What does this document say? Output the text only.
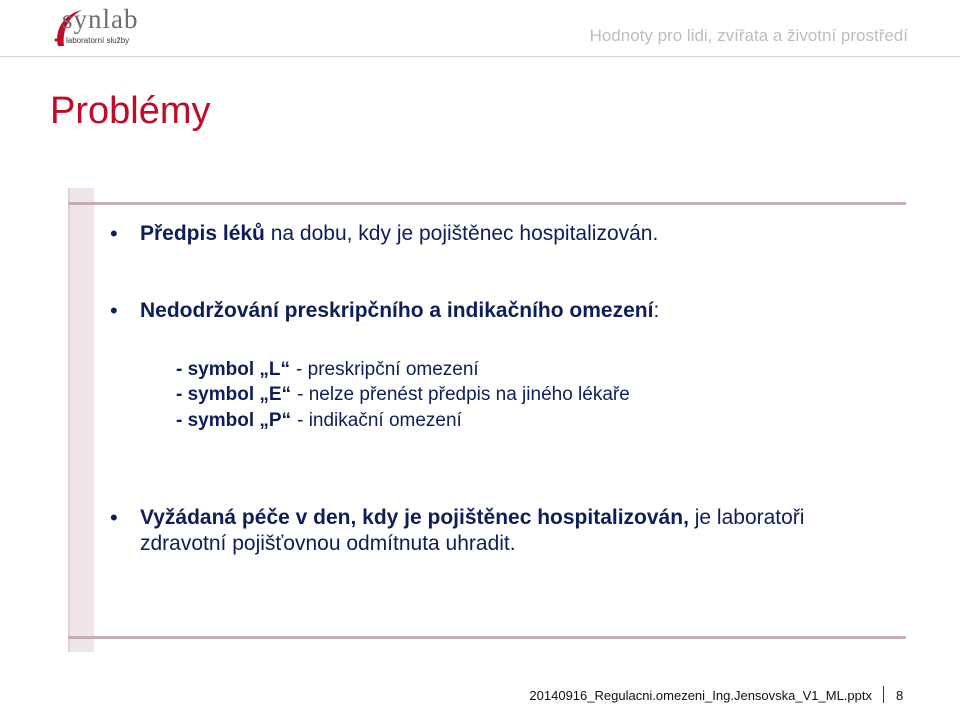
synlab
laboratorní služby	Hodnoty pro lidi, zvířata a životní prostředí
Problémy
• Předpis léků na dobu, kdy je pojištěnec hospitalizován.
• Nedodržování preskripčního a indikačního omezení:
- symbol „L“ - preskripční omezení
- symbol „E“ - nelze přenést předpis na jiného lékaře
- symbol „P“ - indikační omezení
•	Vyžádaná péče v den, kdy je pojištěnec hospitalizován, je laboratoři zdravotní pojišťovnou odmítnuta uhradit.
20140916_Regulacni.omezeni_Ing.Jensovska_V1_ML.pptx 8
